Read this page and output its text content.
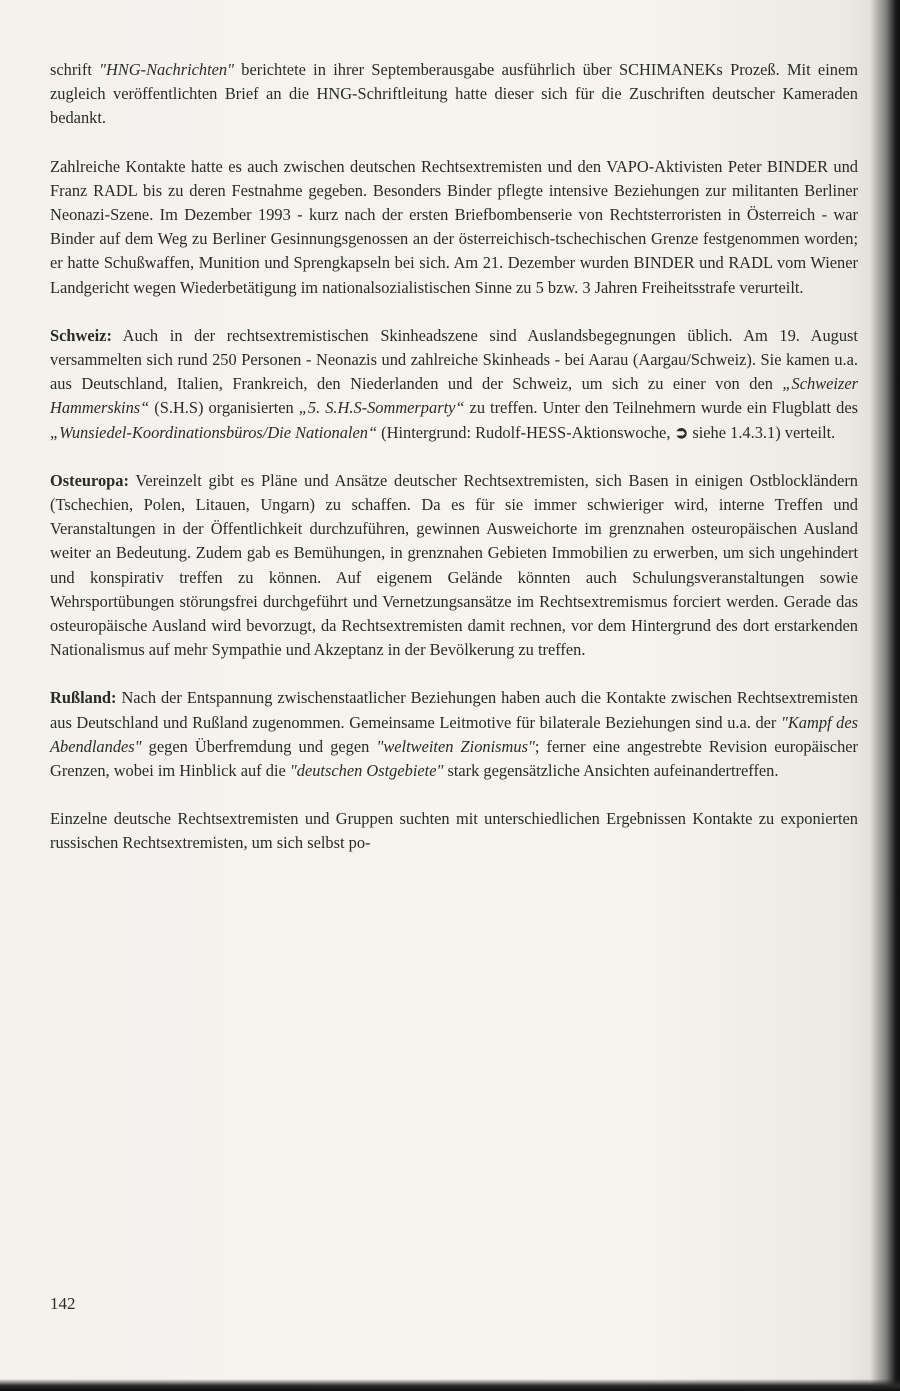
schrift "HNG-Nachrichten" berichtete in ihrer Septemberausgabe ausführlich über SCHIMANEKs Prozeß. Mit einem zugleich veröffentlichten Brief an die HNG-Schriftleitung hatte dieser sich für die Zuschriften deutscher Kameraden bedankt.

Zahlreiche Kontakte hatte es auch zwischen deutschen Rechtsextremisten und den VAPO-Aktivisten Peter BINDER und Franz RADL bis zu deren Festnahme gegeben. Besonders Binder pflegte intensive Beziehungen zur militanten Berliner Neonazi-Szene. Im Dezember 1993 - kurz nach der ersten Briefbombenserie von Rechtsterroristen in Österreich - war Binder auf dem Weg zu Berliner Gesinnungsgenossen an der österreichisch-tschechischen Grenze festgenommen worden; er hatte Schußwaffen, Munition und Sprengkapseln bei sich. Am 21. Dezember wurden BINDER und RADL vom Wiener Landgericht wegen Wiederbetätigung im nationalsozialistischen Sinne zu 5 bzw. 3 Jahren Freiheitsstrafe verurteilt.

Schweiz: Auch in der rechtsextremistischen Skinheadszene sind Auslandsbegegnungen üblich. Am 19. August versammelten sich rund 250 Personen - Neonazis und zahlreiche Skinheads - bei Aarau (Aargau/Schweiz). Sie kamen u.a. aus Deutschland, Italien, Frankreich, den Niederlanden und der Schweiz, um sich zu einer von den „Schweizer Hammerskins“ (S.H.S) organisierten „5. S.H.S-Sommerparty“ zu treffen. Unter den Teilnehmern wurde ein Flugblatt des „Wunsiedel-Koordinationsbüros/Die Nationalen“ (Hintergrund: Rudolf-HESS-Aktionswoche, ➲ siehe 1.4.3.1) verteilt.

Osteuropa: Vereinzelt gibt es Pläne und Ansätze deutscher Rechtsextremisten, sich Basen in einigen Ostblockländern (Tschechien, Polen, Litauen, Ungarn) zu schaffen. Da es für sie immer schwieriger wird, interne Treffen und Veranstaltungen in der Öffentlichkeit durchzuführen, gewinnen Ausweichorte im grenznahen osteuropäischen Ausland weiter an Bedeutung. Zudem gab es Bemühungen, in grenznahen Gebieten Immobilien zu erwerben, um sich ungehindert und konspirativ treffen zu können. Auf eigenem Gelände könnten auch Schulungsveranstaltungen sowie Wehrsportübungen störungsfrei durchgeführt und Vernetzungsansätze im Rechtsextremismus forciert werden. Gerade das osteuropäische Ausland wird bevorzugt, da Rechtsextremisten damit rechnen, vor dem Hintergrund des dort erstarkenden Nationalismus auf mehr Sympathie und Akzeptanz in der Bevölkerung zu treffen.

Rußland: Nach der Entspannung zwischenstaatlicher Beziehungen haben auch die Kontakte zwischen Rechtsextremisten aus Deutschland und Rußland zugenommen. Gemeinsame Leitmotive für bilaterale Beziehungen sind u.a. der "Kampf des Abendlandes" gegen Überfremdung und gegen "weltweiten Zionismus"; ferner eine angestrebte Revision europäischer Grenzen, wobei im Hinblick auf die "deutschen Ostgebiete" stark gegensätzliche Ansichten aufeinandertreffen.

Einzelne deutsche Rechtsextremisten und Gruppen suchten mit unterschiedlichen Ergebnissen Kontakte zu exponierten russischen Rechtsextremisten, um sich selbst po-

142
